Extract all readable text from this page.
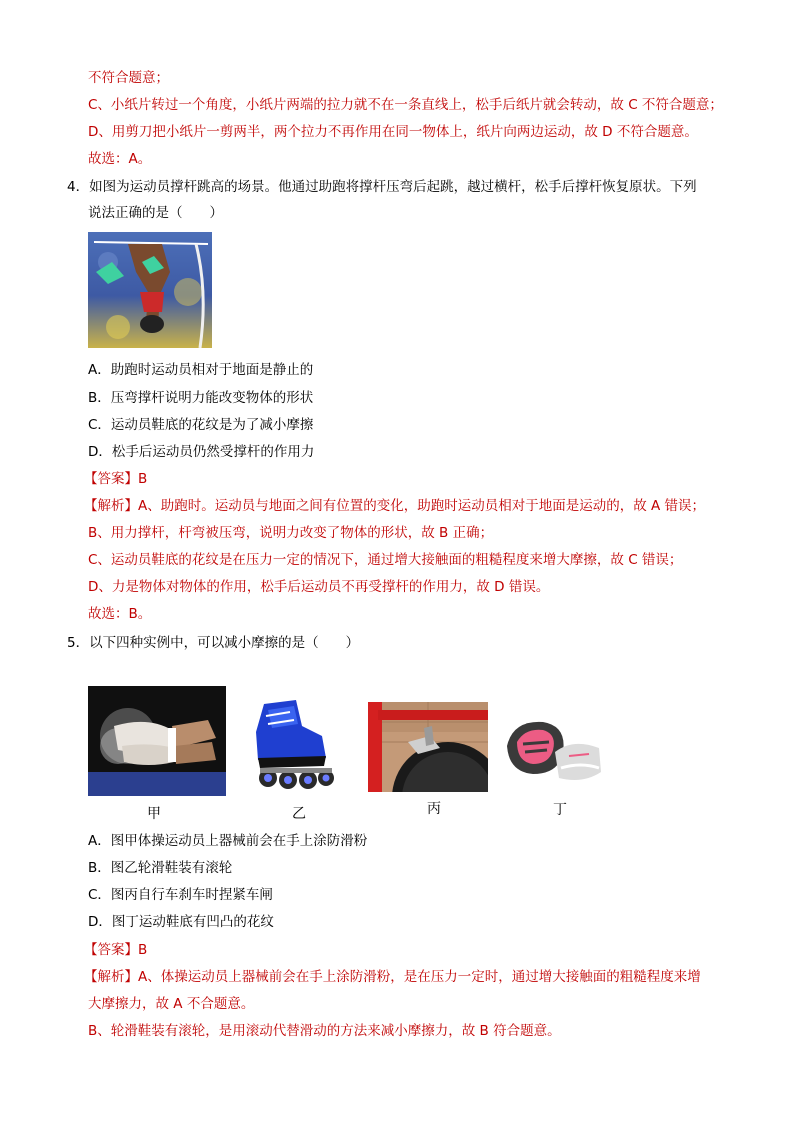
不符合题意；
C、小纸片转过一个角度，小纸片两端的拉力就不在一条直线上，松手后纸片就会转动，故 C 不符合题意；
D、用剪刀把小纸片一剪两半，两个拉力不再作用在同一物体上，纸片向两边运动，故 D 不符合题意。
故选：A。
4．如图为运动员撑杆跳高的场景。他通过助跑将撑杆压弯后起跳，越过横杆，松手后撑杆恢复原状。下列
说法正确的是（　　）
A．助跑时运动员相对于地面是静止的
B．压弯撑杆说明力能改变物体的形状
C．运动员鞋底的花纹是为了减小摩擦
D．松手后运动员仍然受撑杆的作用力
【答案】B
【解析】A、助跑时。运动员与地面之间有位置的变化，助跑时运动员相对于地面是运动的，故 A 错误；
B、用力撑杆，杆弯被压弯，说明力改变了物体的形状，故 B 正确；
C、运动员鞋底的花纹是在压力一定的情况下，通过增大接触面的粗糙程度来增大摩擦，故 C 错误；
D、力是物体对物体的作用，松手后运动员不再受撑杆的作用力，故 D 错误。
故选：B。
5．以下四种实例中，可以减小摩擦的是（　　）
甲	乙	丙	丁
A．图甲体操运动员上器械前会在手上涂防滑粉
B．图乙轮滑鞋装有滚轮
C．图丙自行车刹车时捏紧车闸
D．图丁运动鞋底有凹凸的花纹
【答案】B
【解析】A、体操运动员上器械前会在手上涂防滑粉，是在压力一定时，通过增大接触面的粗糙程度来增
大摩擦力，故 A 不合题意。
B、轮滑鞋装有滚轮，是用滚动代替滑动的方法来减小摩擦力，故 B 符合题意。
